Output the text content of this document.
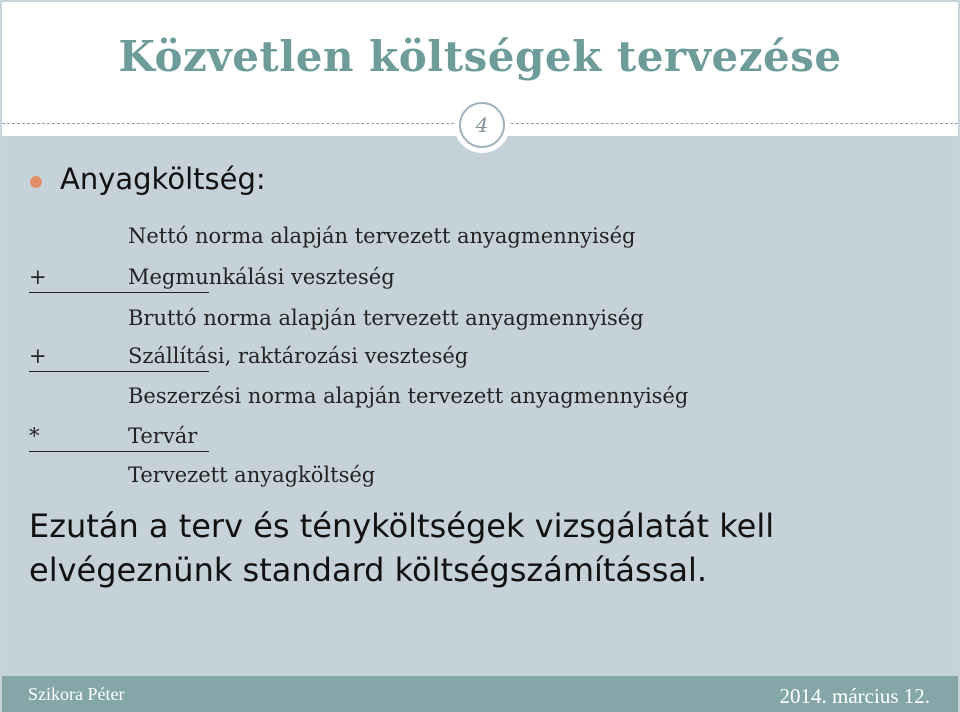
Közvetlen költségek tervezése
4
Anyagköltség:
Nettó norma alapján tervezett anyagmennyiség
+	Megmunkálási veszteség
Bruttó norma alapján tervezett anyagmennyiség
+	Szállítási, raktározási veszteség
Beszerzési norma alapján tervezett anyagmennyiség
*	Tervár
Tervezett anyagköltség
Ezután a terv és tényköltségek vizsgálatát kell elvégeznünk standard költségszámítással.
Szikora Péter	2014. március 12.
